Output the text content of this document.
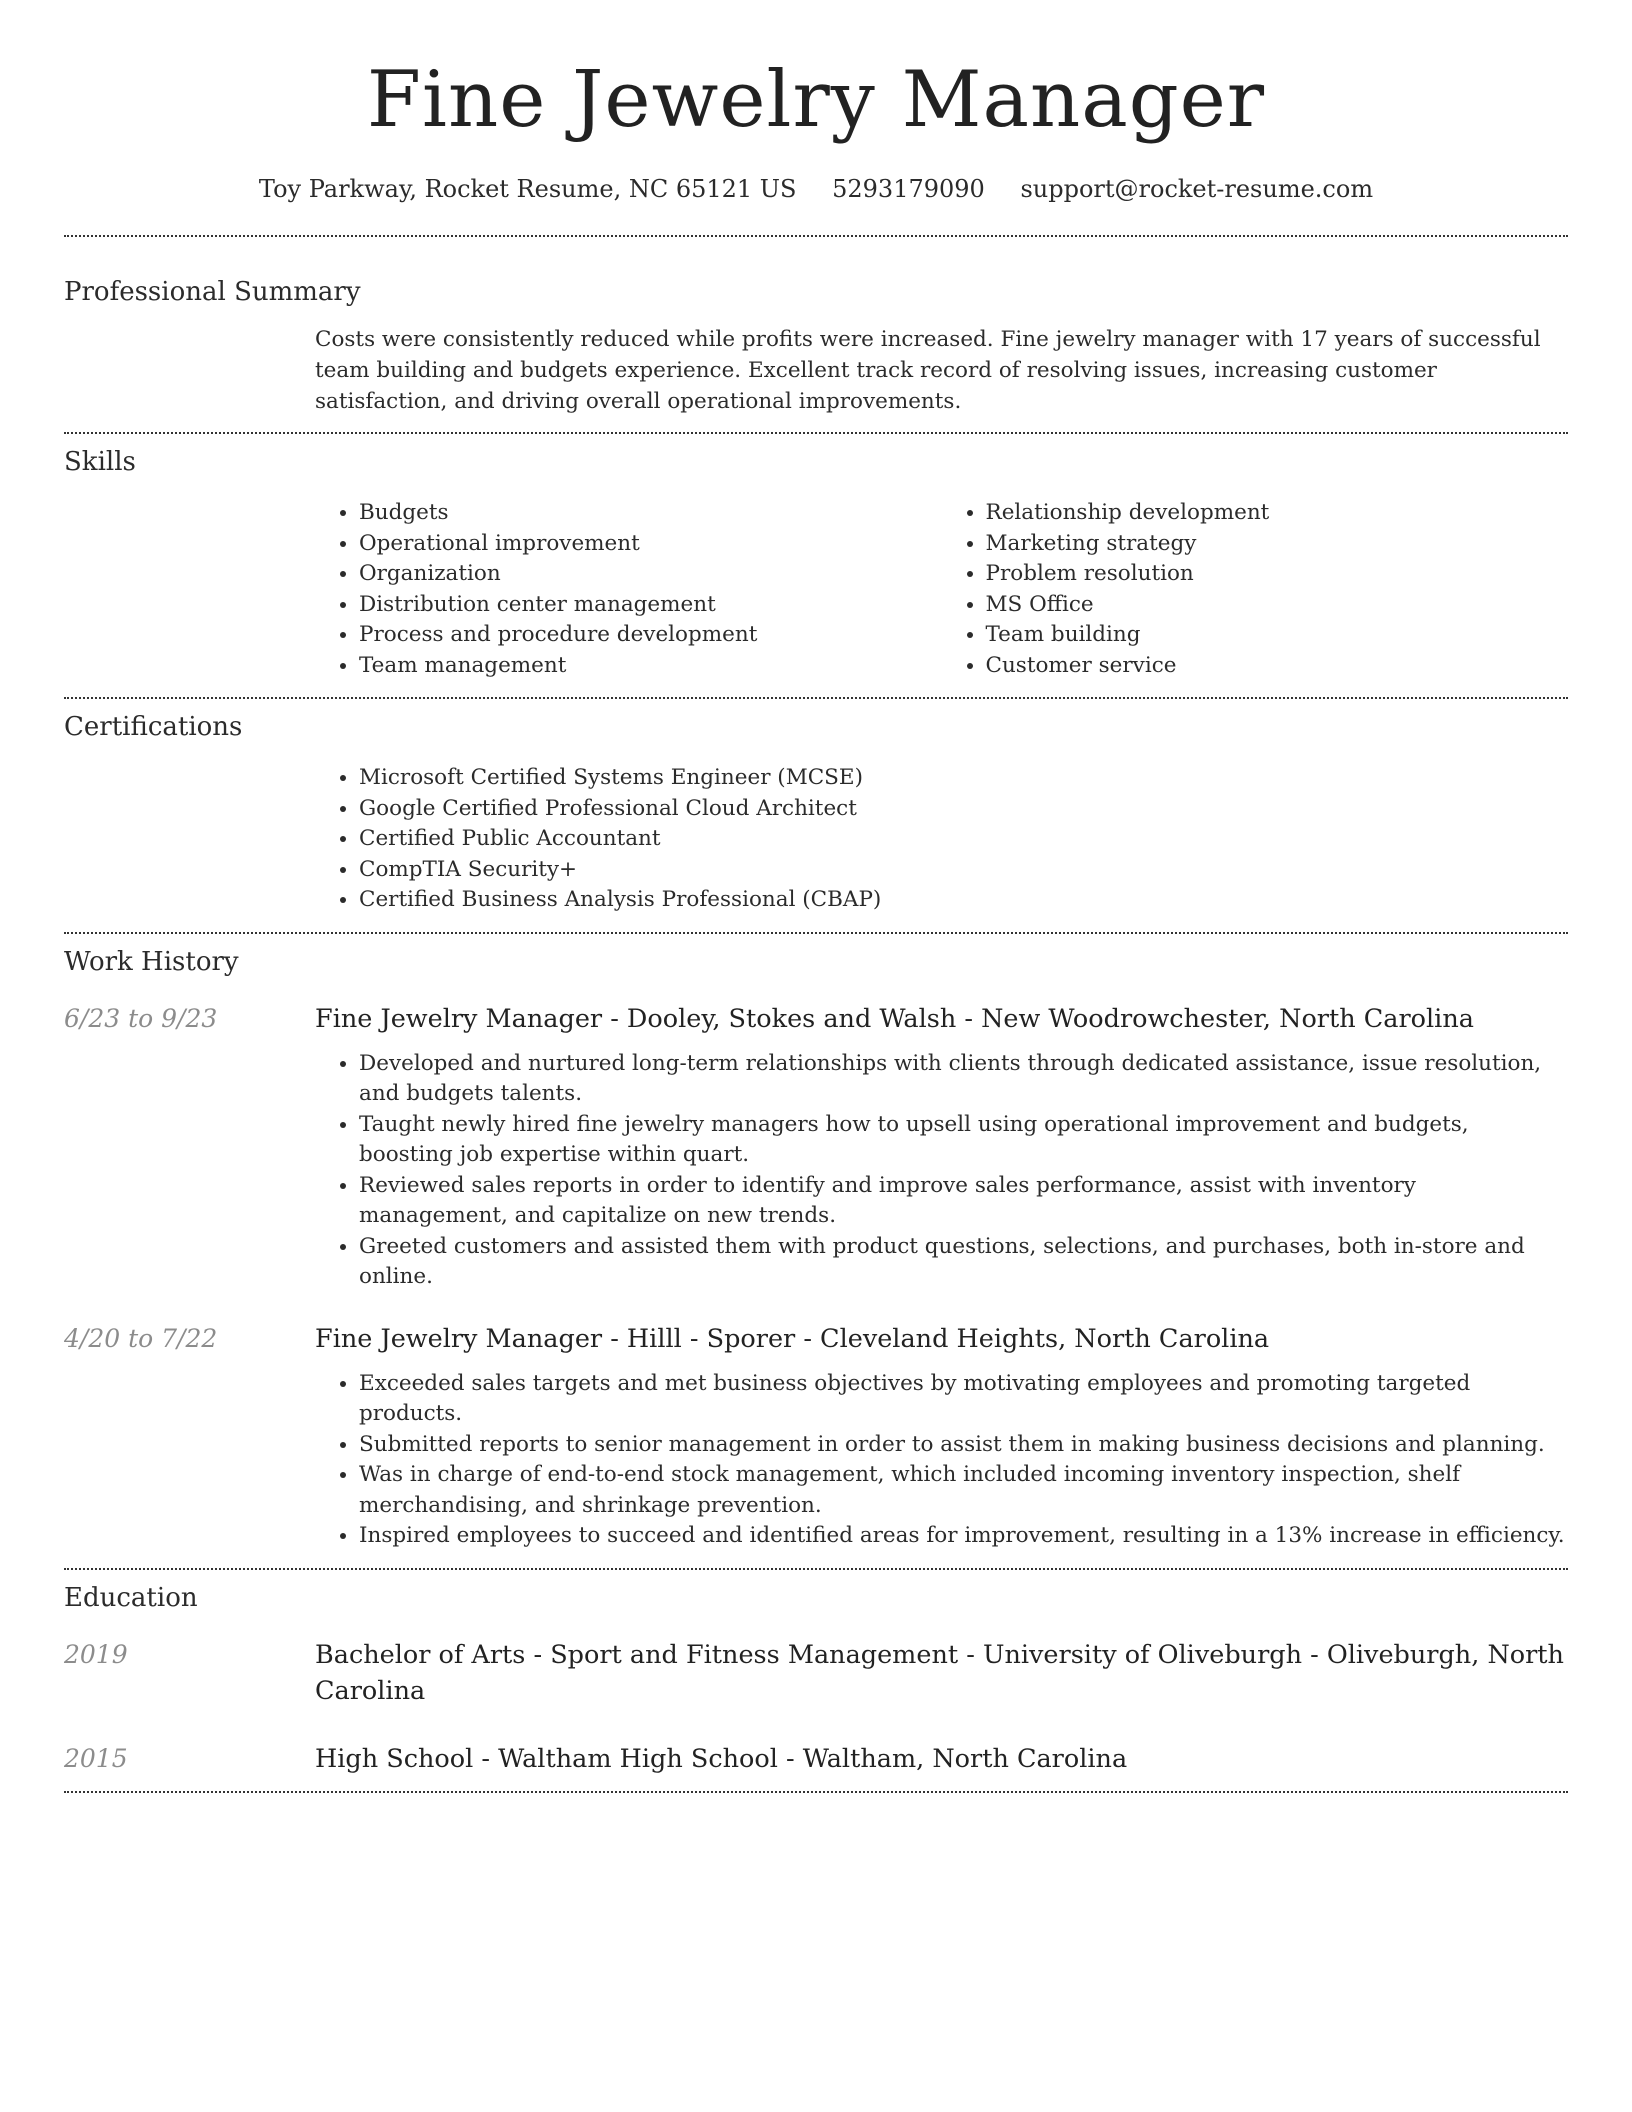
Fine Jewelry Manager
Toy Parkway, Rocket Resume, NC 65121 US 5293179090 support@rocket-resume.com
Professional Summary
Costs were consistently reduced while profits were increased. Fine jewelry manager with 17 years of successful team building and budgets experience. Excellent track record of resolving issues, increasing customer satisfaction, and driving overall operational improvements.
Skills
• Budgets
• Operational improvement
• Organization
• Distribution center management
• Process and procedure development
• Team management
• Relationship development
• Marketing strategy
• Problem resolution
• MS Office
• Team building
• Customer service
Certifications
• Microsoft Certified Systems Engineer (MCSE)
• Google Certified Professional Cloud Architect
• Certified Public Accountant
• CompTIA Security+
• Certified Business Analysis Professional (CBAP)
Work History
6/23 to 9/23	Fine Jewelry Manager - Dooley, Stokes and Walsh - New Woodrowchester, North Carolina
• Developed and nurtured long-term relationships with clients through dedicated assistance, issue resolution, and budgets talents.
• Taught newly hired fine jewelry managers how to upsell using operational improvement and budgets, boosting job expertise within quart.
• Reviewed sales reports in order to identify and improve sales performance, assist with inventory management, and capitalize on new trends.
• Greeted customers and assisted them with product questions, selections, and purchases, both in-store and online.
4/20 to 7/22	Fine Jewelry Manager - Hilll - Sporer - Cleveland Heights, North Carolina
• Exceeded sales targets and met business objectives by motivating employees and promoting targeted products.
• Submitted reports to senior management in order to assist them in making business decisions and planning.
• Was in charge of end-to-end stock management, which included incoming inventory inspection, shelf merchandising, and shrinkage prevention.
• Inspired employees to succeed and identified areas for improvement, resulting in a 13% increase in efficiency.
Education
2019	Bachelor of Arts - Sport and Fitness Management - University of Oliveburgh - Oliveburgh, North Carolina
2015	High School - Waltham High School - Waltham, North Carolina
